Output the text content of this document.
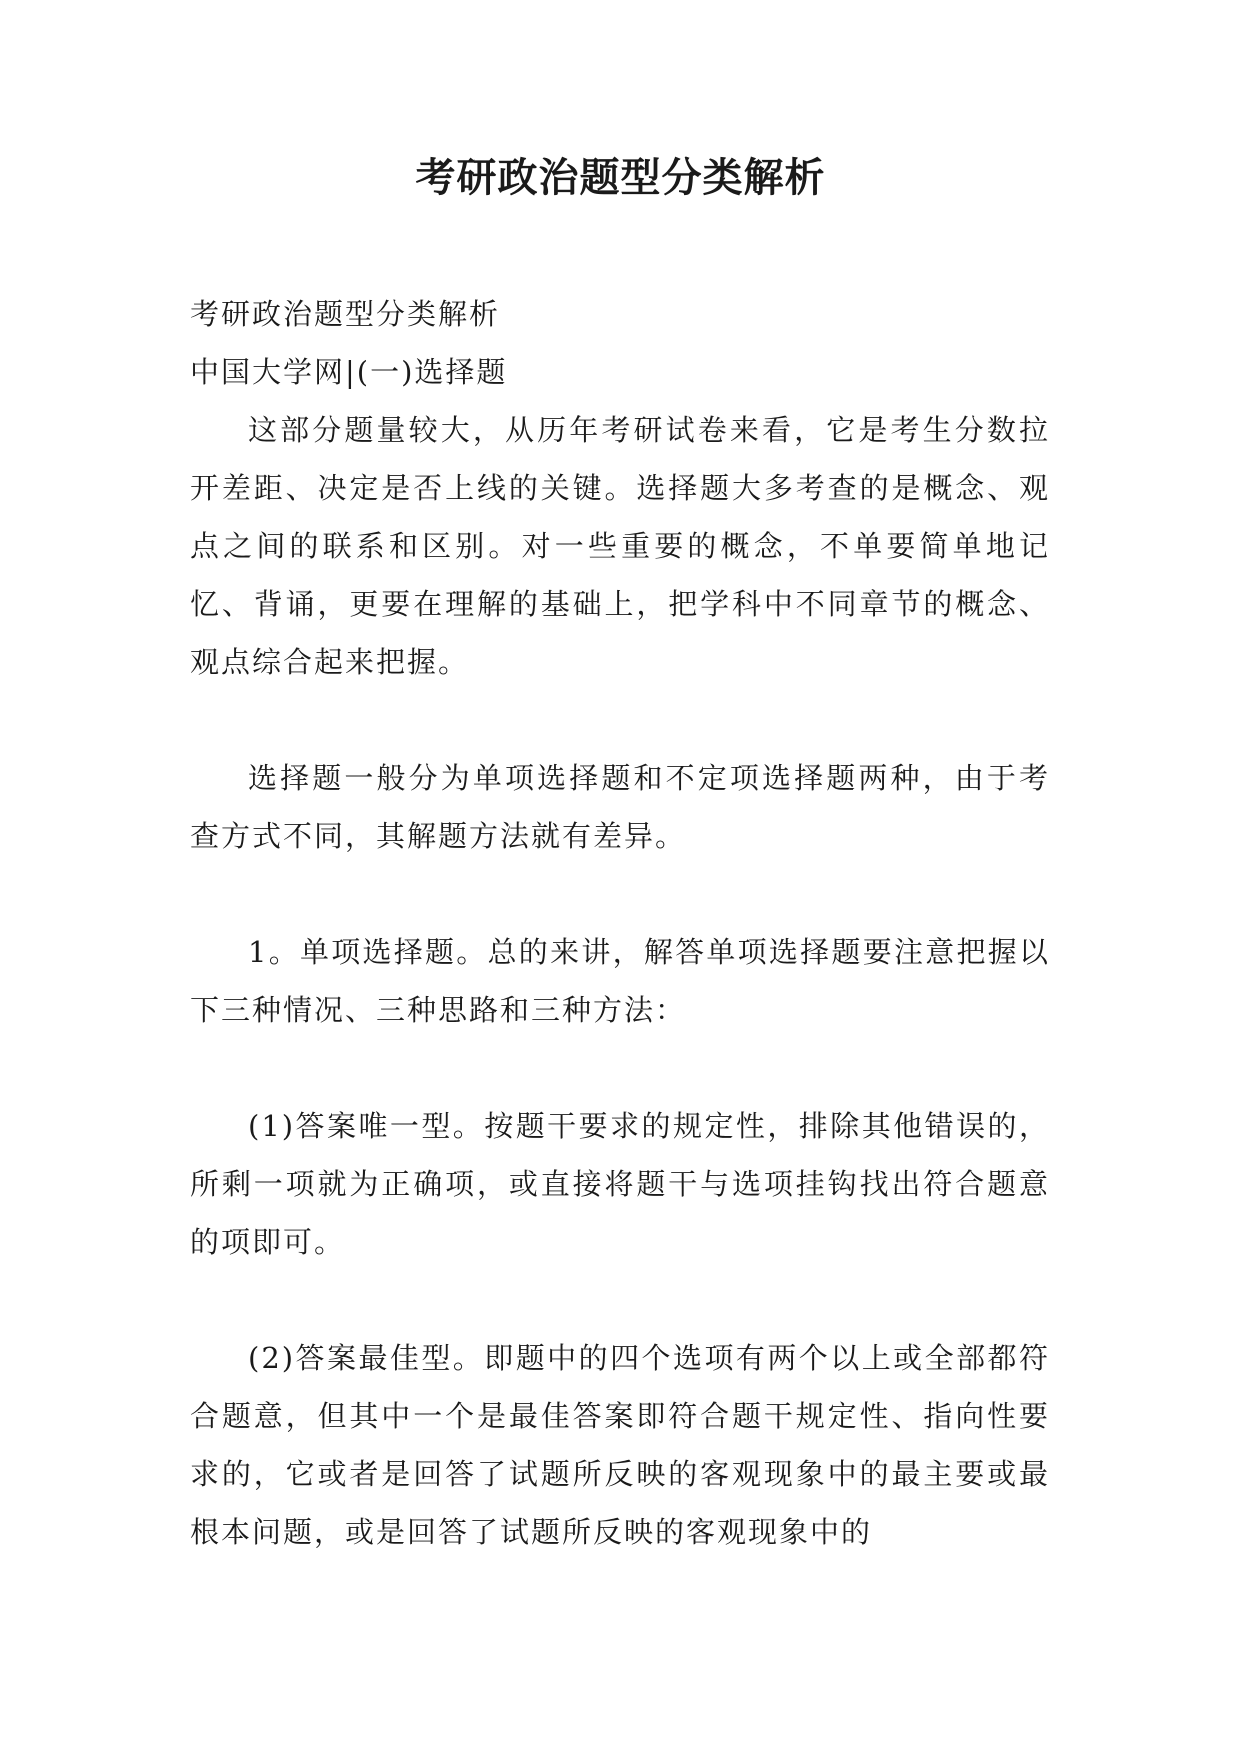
考研政治题型分类解析

考研政治题型分类解析

中国大学网|(一)选择题

这部分题量较大，从历年考研试卷来看，它是考生分数拉开差距、决定是否上线的关键。选择题大多考查的是概念、观点之间的联系和区别。对一些重要的概念，不单要简单地记忆、背诵，更要在理解的基础上，把学科中不同章节的概念、观点综合起来把握。

选择题一般分为单项选择题和不定项选择题两种，由于考查方式不同，其解题方法就有差异。

1。单项选择题。总的来讲，解答单项选择题要注意把握以下三种情况、三种思路和三种方法：

(1)答案唯一型。按题干要求的规定性，排除其他错误的，所剩一项就为正确项，或直接将题干与选项挂钩找出符合题意的项即可。

(2)答案最佳型。即题中的四个选项有两个以上或全部都符合题意，但其中一个是最佳答案即符合题干规定性、指向性要求的，它或者是回答了试题所反映的客观现象中的最主要或最根本问题，或是回答了试题所反映的客观现象中的
